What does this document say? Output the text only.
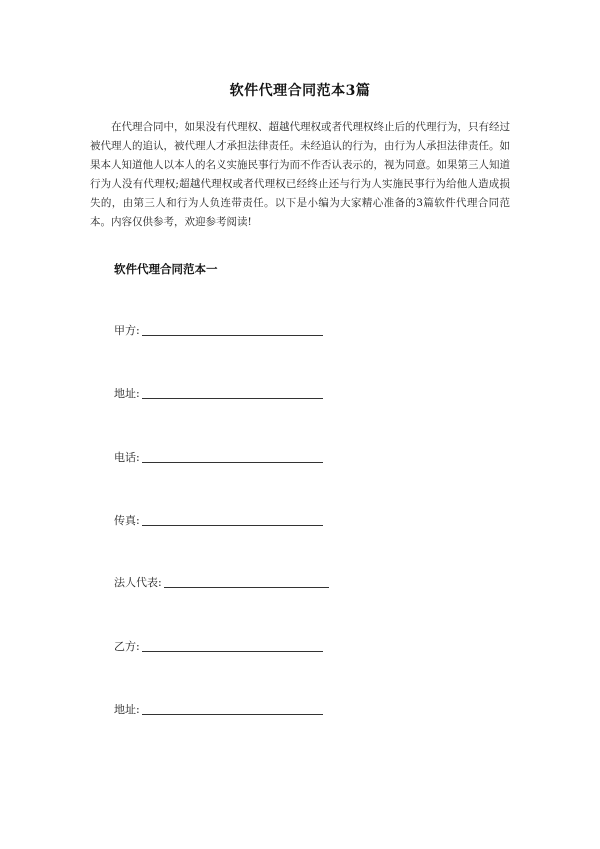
软件代理合同范本3篇

在代理合同中，如果没有代理权、超越代理权或者代理权终止后的代理行为，只有经过被代理人的追认，被代理人才承担法律责任。未经追认的行为，由行为人承担法律责任。如果本人知道他人以本人的名义实施民事行为而不作否认表示的，视为同意。如果第三人知道行为人没有代理权;超越代理权或者代理权已经终止还与行为人实施民事行为给他人造成损失的，由第三人和行为人负连带责任。以下是小编为大家精心准备的3篇软件代理合同范本。内容仅供参考，欢迎参考阅读!

软件代理合同范本一

甲方:
地址:
电话:
传真:
法人代表:
乙方:
地址:
